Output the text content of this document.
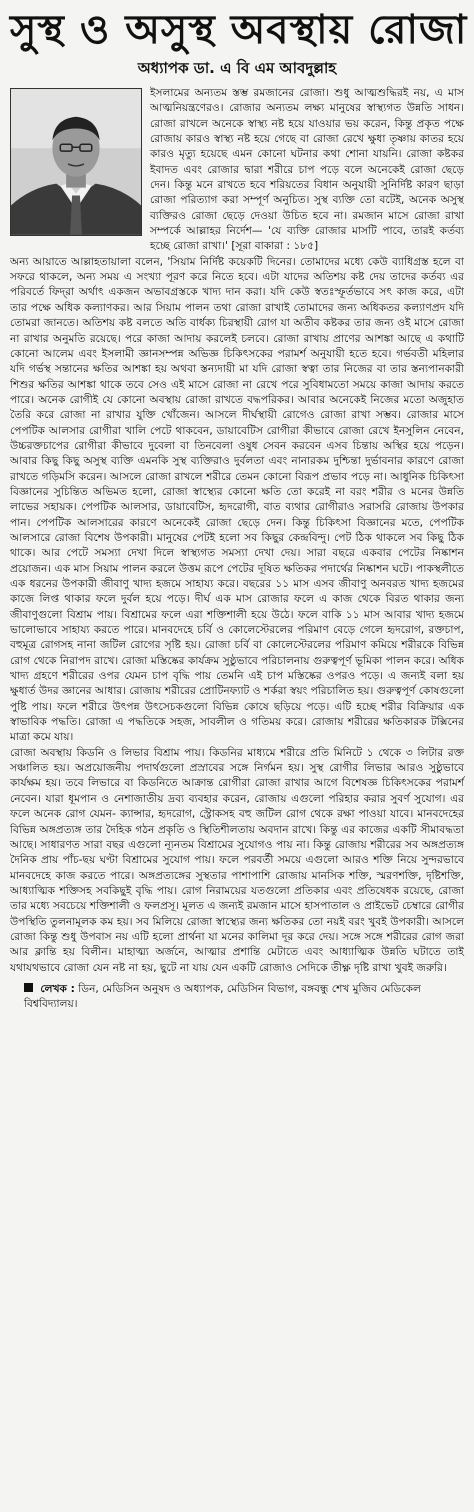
সুস্থ ও অসুস্থ অবস্থায় রোজা
অধ্যাপক ডা. এ বি এম আবদুল্লাহ

ইসলামের অন্যতম স্তম্ভ রমজানের রোজা। শুধু আত্মশুদ্ধিরই নয়, এ মাস আত্মনিয়ন্ত্রণেরও। রোজার অন্যতম লক্ষ্য মানুষের স্বাস্থ্যগত উন্নতি সাধন। রোজা রাখলে অনেকে স্বাস্থ্য নষ্ট হয়ে যাওয়ার ভয় করেন, কিন্তু প্রকৃত পক্ষে রোজায় কারও স্বাস্থ্য নষ্ট হয়ে গেছে বা রোজা রেখে ক্ষুধা তৃষ্ণায় কাতর হয়ে কারও মৃত্যু হয়েছে এমন কোনো ঘটনার কথা শোনা যায়নি। রোজা কষ্টকর ইবাদত এবং রোজার দ্বারা শরীরে চাপ পড়ে বলে অনেকেই রোজা ছেড়ে দেন। কিন্তু মনে রাখতে হবে শরিয়তের বিধান অনুযায়ী সুনির্দিষ্ট কারণ ছাড়া রোজা পরিত্যাগ করা সম্পূর্ণ অনুচিত। সুস্থ ব্যক্তি তো বটেই, অনেক অসুস্থ ব্যক্তিরও রোজা ছেড়ে দেওয়া উচিত হবে না। রমজান মাসে রোজা রাখা সম্পর্কে আল্লাহর নির্দেশ— 'যে ব্যক্তি রোজার মাসটি পাবে, তারই কর্তব্য হচ্ছে রোজা রাখা।' [সূরা বাকারা : ১৮৫]

অন্য আয়াতে আল্লাহতায়ালা বলেন, 'সিয়াম নির্দিষ্ট কয়েকটি দিনের। তোমাদের মধ্যে কেউ ব্যাধিগ্রস্ত হলে বা সফরে থাকলে, অন্য সময় এ সংখ্যা পূরণ করে নিতে হবে। এটা যাদের অতিশয় কষ্ট দেয় তাদের কর্তব্য এর পরিবর্তে ফিদ্‌রা অর্থাৎ একজন অভাবগ্রস্তকে খাদ্য দান করা। যদি কেউ স্বতঃস্ফূর্তভাবে সৎ কাজ করে, এটা তার পক্ষে অধিক কল্যাণকর। আর সিয়াম পালন তথা রোজা রাখাই তোমাদের জন্য অধিকতর কল্যাণপ্রদ যদি তোমরা জানতে। অতিশয় কষ্ট বলতে অতি বার্ধক্য চিরস্থায়ী রোগ যা অতীব কষ্টকর তার জন্য ওই মাসে রোজা না রাখার অনুমতি রয়েছে। পরে কাজা আদায় করলেই চলবে। রোজা রাখায় প্রাণের আশঙ্কা আছে এ কথাটি কোনো আলেম এবং ইসলামী জ্ঞানসম্পন্ন অভিজ্ঞ চিকিৎসকের পরামর্শ অনুযায়ী হতে হবে। গর্ভবতী মহিলার যদি গর্ভস্থ সন্তানের ক্ষতির আশঙ্কা হয় অথবা স্তন্যদায়ী মা যদি রোজা স্বত্বা তার নিজের বা তার স্তন্যপানকারী শিশুর ক্ষতির আশঙ্কা থাকে তবে সেও এই মাসে রোজা না রেখে পরে সুবিধামতো সময়ে কাজা আদায় করতে পারে। অনেক রোগীই যে কোনো অবস্থায় রোজা রাখতে বদ্ধপরিকর। আবার অনেকেই নিজের মতো অজুহাত তৈরি করে রোজা না রাখার যুক্তি খোঁজেন। আসলে দীর্ঘস্থায়ী রোগেও রোজা রাখা সম্ভব। রোজার মাসে পেপটিক আলসার রোগীরা খালি পেটে থাকবেন, ডায়াবেটিস রোগীরা কীভাবে রোজা রেখে ইনসুলিন নেবেন, উচ্চরক্তচাপের রোগীরা কীভাবে দুবেলা বা তিনবেলা ওষুধ সেবন করবেন এসব চিন্তায় অস্থির হয়ে পড়েন। আবার কিছু কিছু অসুস্থ ব্যক্তি এমনকি সুস্থ ব্যক্তিরাও দুর্বলতা এবং নানারকম দুশ্চিন্তা দুর্ভাবনার কারণে রোজা রাখতে গড়িমসি করেন। আসলে রোজা রাখলে শরীরে তেমন কোনো বিরূপ প্রভাব পড়ে না। আধুনিক চিকিৎসা বিজ্ঞানের সুচিন্তিত অভিমত হলো, রোজা স্বাস্থ্যের কোনো ক্ষতি তো করেই না বরং শরীর ও মনের উন্নতি লাভের সহায়ক। পেপটিক আলসার, ডায়াবেটিস, হৃদরোগী, বাত ব্যথার রোগীরাও সরাসরি রোজায় উপকার পান। পেপটিক আলসারের কারণে অনেকেই রোজা ছেড়ে দেন। কিন্তু চিকিৎসা বিজ্ঞানের মতে, পেপটিক আলসারে রোজা বিশেষ উপকারী। মানুষের পেটই হলো সব কিছুর কেন্দ্রবিন্দু। পেট ঠিক থাকলে সব কিছু ঠিক থাকে। আর পেটে সমস্যা দেখা দিলে স্বাস্থ্যগত সমস্যা দেখা দেয়। সারা বছরে একবার পেটের নিষ্কাশন প্রয়োজন। এক মাস সিয়াম পালন করলে উত্তম রূপে পেটের দূষিত ক্ষতিকর পদার্থের নিষ্কাশন ঘটে। পাকস্থলীতে এক ধরনের উপকারী জীবাণু খাদ্য হজমে সাহায্য করে। বছরের ১১ মাস এসব জীবাণু অনবরত খাদ্য হজমের কাজে লিপ্ত থাকার ফলে দুর্বল হয়ে পড়ে। দীর্ঘ এক মাস রোজার ফলে এ কাজ থেকে বিরত থাকার জন্য জীবাণুগুলো বিশ্রাম পায়। বিশ্রামের ফলে এরা শক্তিশালী হয়ে উঠে। ফলে বাকি ১১ মাস আবার খাদ্য হজমে ভালোভাবে সাহায্য করতে পারে। মানবদেহে চর্বি ও কোলেস্টেরলের পরিমাণ বেড়ে গেলে হৃদরোগ, রক্তচাপ, বহুমূত্র রোগসহ নানা জটিল রোগের সৃষ্টি হয়। রোজা চর্বি বা কোলেস্টেরলের পরিমাণ কমিয়ে শরীরকে বিভিন্ন রোগ থেকে নিরাপদ রাখে। রোজা মস্তিষ্কের কার্যক্রম সুষ্ঠুভাবে পরিচালনায় গুরুত্বপূর্ণ ভূমিকা পালন করে। অধিক খাদ্য গ্রহণে শরীরের ওপর যেমন চাপ বৃদ্ধি পায় তেমনি এই চাপ মস্তিষ্কের ওপরও পড়ে। এ জন্যই বলা হয় ক্ষুধার্ত উদর জ্ঞানের আধার। রোজায় শরীরের প্রোটিনফ্যাট ও শর্করা স্বয়ং পরিচালিত হয়। গুরুত্বপূর্ণ কোষগুলো পুষ্টি পায়। ফলে শরীরে উৎপন্ন উৎসেচকগুলো বিভিন্ন কোষে ছড়িয়ে পড়ে। এটি হচ্ছে শরীর বিক্রিয়ার এক স্বাভাবিক পদ্ধতি। রোজা এ পদ্ধতিকে সহজ, সাবলীল ও গতিময় করে। রোজায় শরীরের ক্ষতিকারক টক্সিনের মাত্রা কমে যায়।

রোজা অবস্থায় কিডনি ও লিভার বিশ্রাম পায়। কিডনির মাধ্যমে শরীরে প্রতি মিনিটে ১ থেকে ৩ লিটার রক্ত সঞ্চালিত হয়। অপ্রয়োজনীয় পদার্থগুলো প্রস্রাবের সঙ্গে নির্গমন হয়। সুস্থ রোগীর লিভার আরও সুষ্ঠুভাবে কার্যক্ষম হয়। তবে লিভারে বা কিডনিতে আক্রান্ত রোগীরা রোজা রাখার আগে বিশেষজ্ঞ চিকিৎসকের পরামর্শ নেবেন। যারা ধূমপান ও নেশাজাতীয় দ্রব্য ব্যবহার করেন, রোজায় এগুলো পরিহার করার সুবর্ণ সুযোগ। এর ফলে অনেক রোগ যেমন- ক্যান্সার, হৃদরোগ, স্ট্রোকসহ বহু জটিল রোগ থেকে রক্ষা পাওয়া যাবে। মানবদেহের বিভিন্ন অঙ্গপ্রত্যঙ্গ তার দৈহিক গঠন প্রকৃতি ও স্থিতিশীলতায় অবদান রাখে। কিন্তু এর কাজের একটি সীমাবদ্ধতা আছে। সাধারণত সারা বছর এগুলো ন্যূনতম বিশ্রামের সুযোগও পায় না। কিন্তু রোজায় শরীরের সব অঙ্গপ্রত্যঙ্গ দৈনিক প্রায় পাঁচ-ছয় ঘণ্টা বিশ্রামের সুযোগ পায়। ফলে পরবর্তী সময়ে এগুলো আরও শক্তি নিয়ে সুন্দরভাবে মানবদেহে কাজ করতে পারে। অঙ্গপ্রত্যঙ্গের সুস্থতার পাশাপাশি রোজায় মানসিক শক্তি, স্মরণশক্তি, দৃষ্টিশক্তি, আধ্যাত্মিক শক্তিসহ সবকিছুই বৃদ্ধি পায়। রোগ নিরাময়ের যতগুলো প্রতিকার এবং প্রতিষেধক রয়েছে, রোজা তার মধ্যে সবচেয়ে শক্তিশালী ও ফলপ্রসূ। মূলত এ জন্যই রমজান মাসে হাসপাতাল ও প্রাইভেট চেম্বারে রোগীর উপস্থিতি তুলনামূলক কম হয়। সব মিলিয়ে রোজা স্বাস্থ্যের জন্য ক্ষতিকর তো নয়ই বরং খুবই উপকারী। আসলে রোজা কিন্তু শুধু উপবাস নয় এটি হলো প্রার্থনা যা মনের কালিমা দূর করে দেয়। সঙ্গে সঙ্গে শরীরের রোগ জরা আর ক্লান্তি হয় বিলীন। মাহাত্ম্য অর্জনে, আত্মার প্রশান্তি মেটাতে এবং আধ্যাত্মিক উন্নতি ঘটাতে তাই যথাযথভাবে রোজা যেন নষ্ট না হয়, ছুটে না যায় যেন একটি রোজাও সেদিকে তীক্ষ্ণ দৃষ্টি রাখা খুবই জরুরি।

লেখক : ডিন, মেডিসিন অনুষদ ও অধ্যাপক, মেডিসিন বিভাগ, বঙ্গবন্ধু শেখ মুজিব মেডিকেল বিশ্ববিদ্যালয়।
